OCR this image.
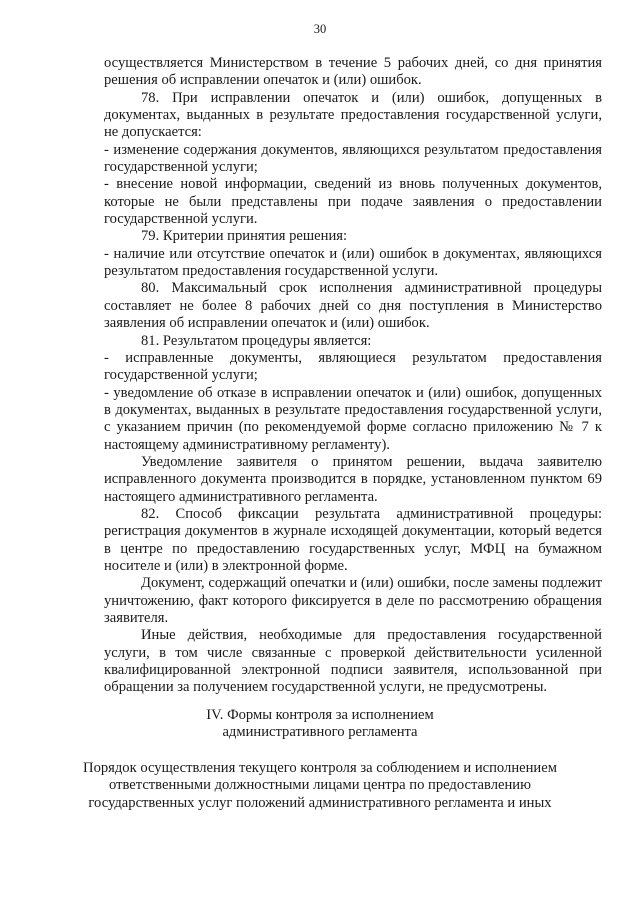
30

осуществляется Министерством в течение 5 рабочих дней, со дня принятия решения об исправлении опечаток и (или) ошибок.

78. При исправлении опечаток и (или) ошибок, допущенных в документах, выданных в результате предоставления государственной услуги, не допускается:

- изменение содержания документов, являющихся результатом предоставления государственной услуги;

- внесение новой информации, сведений из вновь полученных документов, которые не были представлены при подаче заявления о предоставлении государственной услуги.

79. Критерии принятия решения:

- наличие или отсутствие опечаток и (или) ошибок в документах, являющихся результатом предоставления государственной услуги.

80. Максимальный срок исполнения административной процедуры составляет не более 8 рабочих дней со дня поступления в Министерство заявления об исправлении опечаток и (или) ошибок.

81. Результатом процедуры является:

- исправленные документы, являющиеся результатом предоставления государственной услуги;

- уведомление об отказе в исправлении опечаток и (или) ошибок, допущенных в документах, выданных в результате предоставления государственной услуги, с указанием причин (по рекомендуемой форме согласно приложению № 7 к настоящему административному регламенту).

Уведомление заявителя о принятом решении, выдача заявителю исправленного документа производится в порядке, установленном пунктом 69 настоящего административного регламента.

82. Способ фиксации результата административной процедуры: регистрация документов в журнале исходящей документации, который ведется в центре по предоставлению государственных услуг, МФЦ на бумажном носителе и (или) в электронной форме.

Документ, содержащий опечатки и (или) ошибки, после замены подлежит уничтожению, факт которого фиксируется в деле по рассмотрению обращения заявителя.

Иные действия, необходимые для предоставления государственной услуги, в том числе связанные с проверкой действительности усиленной квалифицированной электронной подписи заявителя, использованной при обращении за получением государственной услуги, не предусмотрены.

IV. Формы контроля за исполнением

административного регламента

Порядок осуществления текущего контроля за соблюдением и исполнением

ответственными должностными лицами центра по предоставлению

государственных услуг положений административного регламента и иных
